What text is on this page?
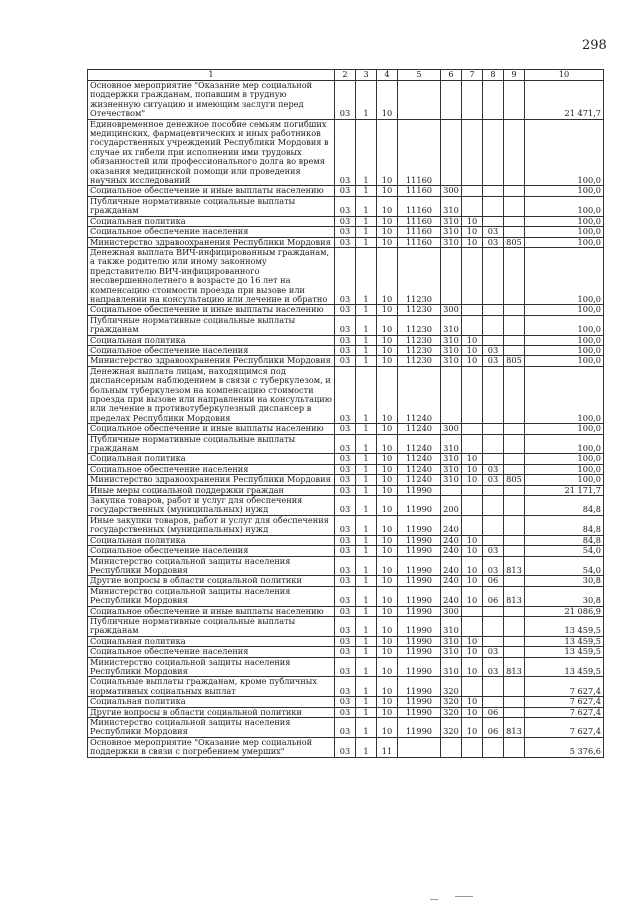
298
1	2	3	4	5	6	7	8	9	10
Основное мероприятие "Оказание мер социальной поддержки гражданам, попавшим в трудную жизненную ситуацию и имеющим заслуги перед Отечеством"	03	1	10						21 471,7
Единовременное денежное пособие семьям погибших медицинских, фармацевтических и иных работников государственных учреждений Республики Мордовия в случае их гибели при исполнении ими трудовых обязанностей или профессионального долга во время оказания медицинской помощи или проведения научных исследований	03	1	10	11160					100,0
Социальное обеспечение и иные выплаты населению	03	1	10	11160	300				100,0
Публичные нормативные социальные выплаты гражданам	03	1	10	11160	310				100,0
Социальная политика	03	1	10	11160	310	10			100,0
Социальное обеспечение населения	03	1	10	11160	310	10	03		100,0
Министерство здравоохранения Республики Мордовия	03	1	10	11160	310	10	03	805	100,0
Денежная выплата ВИЧ-инфицированным гражданам, а также родителю или иному законному представителю ВИЧ-инфицированного несовершеннолетнего в возрасте до 16 лет на компенсацию стоимости проезда при вызове или направлении на консультацию или лечение и обратно	03	1	10	11230					100,0
Социальное обеспечение и иные выплаты населению	03	1	10	11230	300				100,0
Публичные нормативные социальные выплаты гражданам	03	1	10	11230	310				100,0
Социальная политика	03	1	10	11230	310	10			100,0
Социальное обеспечение населения	03	1	10	11230	310	10	03		100,0
Министерство здравоохранения Республики Мордовия	03	1	10	11230	310	10	03	805	100,0
Денежная выплата лицам, находящимся под диспансерным наблюдением в связи с туберкулезом, и больным туберкулезом на компенсацию стоимости проезда при вызове или направлении на консультацию или лечение в противотуберкулезный диспансер в пределах Республики Мордовия	03	1	10	11240					100,0
Социальное обеспечение и иные выплаты населению	03	1	10	11240	300				100,0
Публичные нормативные социальные выплаты гражданам	03	1	10	11240	310				100,0
Социальная политика	03	1	10	11240	310	10			100,0
Социальное обеспечение населения	03	1	10	11240	310	10	03		100,0
Министерство здравоохранения Республики Мордовия	03	1	10	11240	310	10	03	805	100,0
Иные меры социальной поддержки граждан	03	1	10	11990					21 171,7
Закупка товаров, работ и услуг для обеспечения государственных (муниципальных) нужд	03	1	10	11990	200				84,8
Иные закупки товаров, работ и услуг для обеспечения государственных (муниципальных) нужд	03	1	10	11990	240				84,8
Социальная политика	03	1	10	11990	240	10			84,8
Социальное обеспечение населения	03	1	10	11990	240	10	03		54,0
Министерство социальной защиты населения Республики Мордовия	03	1	10	11990	240	10	03	813	54,0
Другие вопросы в области социальной политики	03	1	10	11990	240	10	06		30,8
Министерство социальной защиты населения Республики Мордовия	03	1	10	11990	240	10	06	813	30,8
Социальное обеспечение и иные выплаты населению	03	1	10	11990	300				21 086,9
Публичные нормативные социальные выплаты гражданам	03	1	10	11990	310				13 459,5
Социальная политика	03	1	10	11990	310	10			13 459,5
Социальное обеспечение населения	03	1	10	11990	310	10	03		13 459,5
Министерство социальной защиты населения Республики Мордовия	03	1	10	11990	310	10	03	813	13 459,5
Социальные выплаты гражданам, кроме публичных нормативных социальных выплат	03	1	10	11990	320				7 627,4
Социальная политика	03	1	10	11990	320	10			7 627,4
Другие вопросы в области социальной политики	03	1	10	11990	320	10	06		7 627,4
Министерство социальной защиты населения Республики Мордовия	03	1	10	11990	320	10	06	813	7 627,4
Основное мероприятие "Оказание мер социальной поддержки в связи с погребением умерших"	03	1	11						5 376,6
